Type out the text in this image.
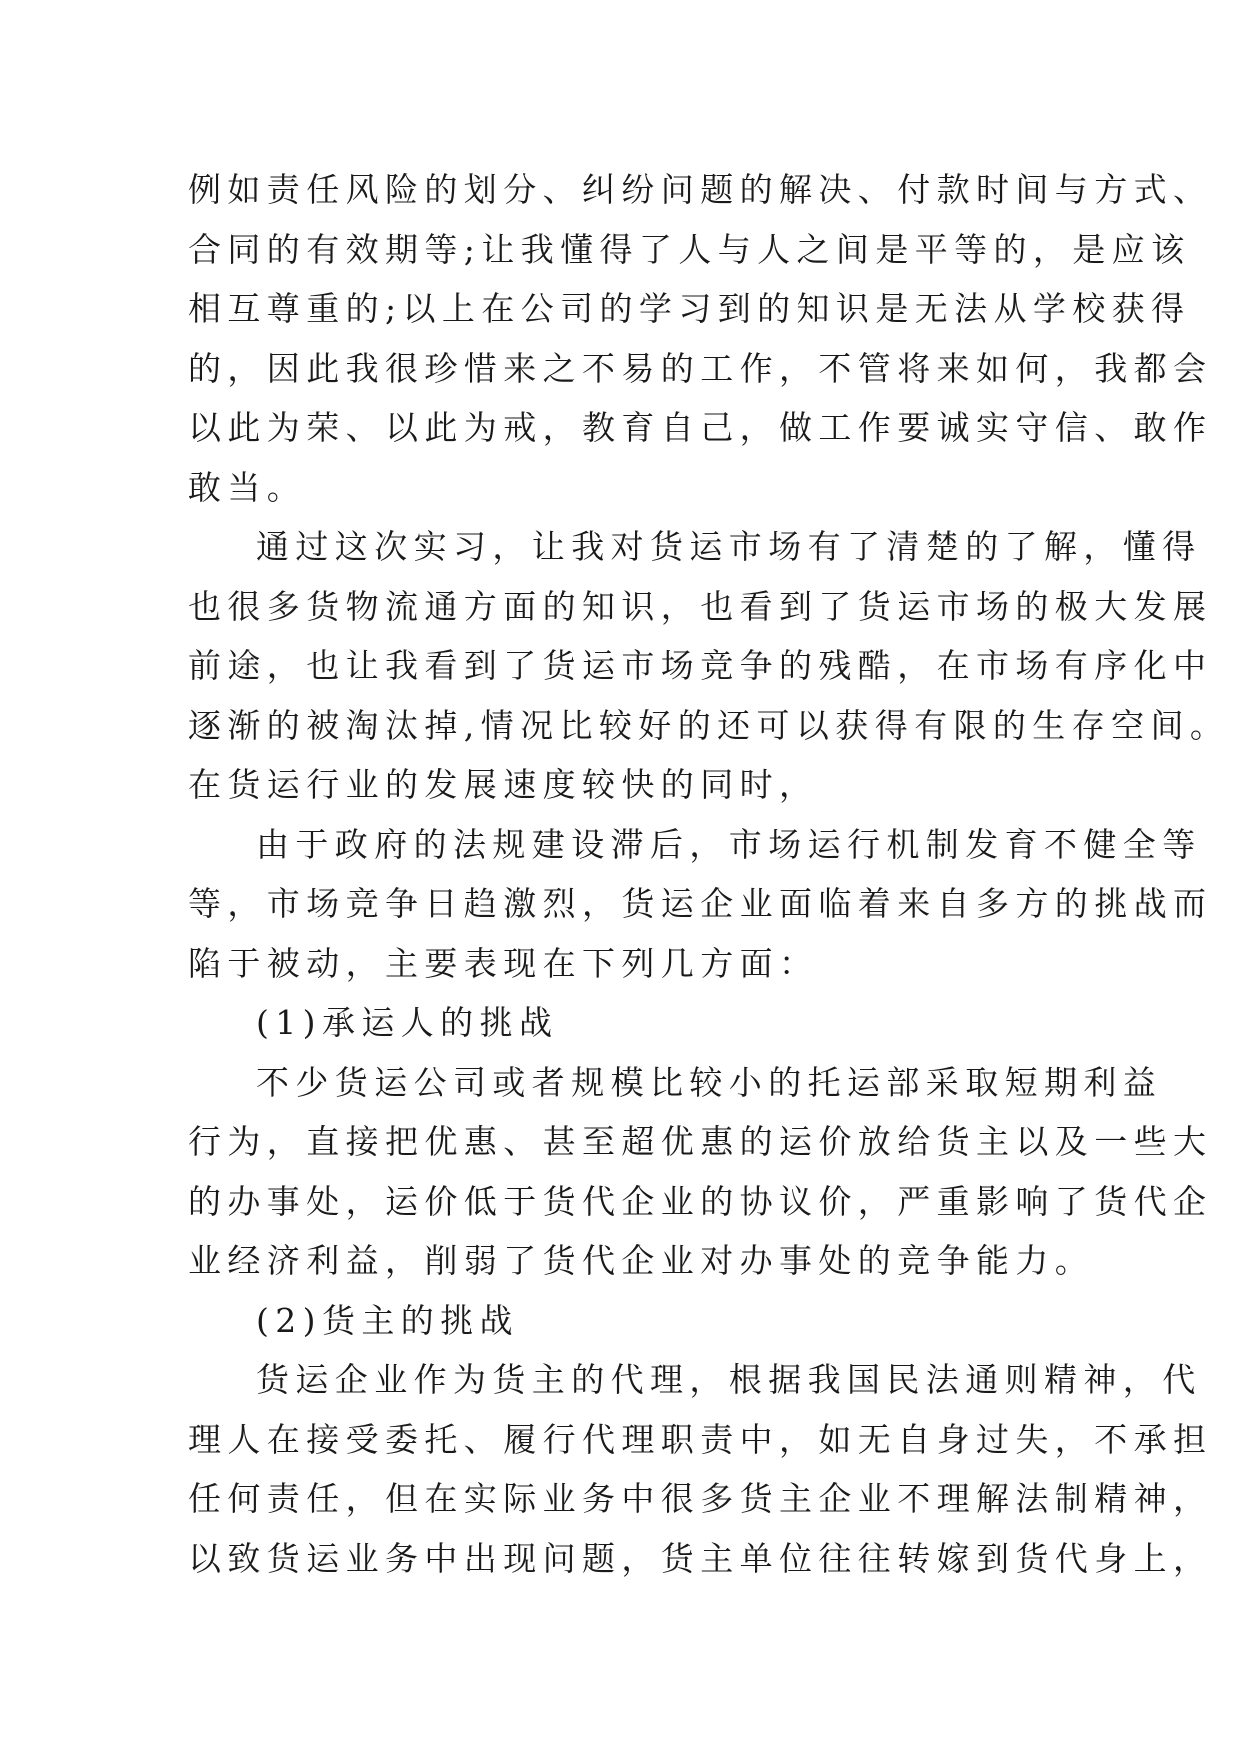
例如责任风险的划分、纠纷问题的解决、付款时间与方式、
合同的有效期等;让我懂得了人与人之间是平等的，是应该
相互尊重的;以上在公司的学习到的知识是无法从学校获得
的，因此我很珍惜来之不易的工作，不管将来如何，我都会
以此为荣、以此为戒，教育自己，做工作要诚实守信、敢作
敢当。
通过这次实习，让我对货运市场有了清楚的了解，懂得
也很多货物流通方面的知识，也看到了货运市场的极大发展
前途，也让我看到了货运市场竞争的残酷，在市场有序化中
逐渐的被淘汰掉,情况比较好的还可以获得有限的生存空间。
在货运行业的发展速度较快的同时，
由于政府的法规建设滞后，市场运行机制发育不健全等
等，市场竞争日趋激烈，货运企业面临着来自多方的挑战而
陷于被动，主要表现在下列几方面：
(1)承运人的挑战
不少货运公司或者规模比较小的托运部采取短期利益
行为，直接把优惠、甚至超优惠的运价放给货主以及一些大
的办事处，运价低于货代企业的协议价，严重影响了货代企
业经济利益，削弱了货代企业对办事处的竞争能力。
(2)货主的挑战
货运企业作为货主的代理，根据我国民法通则精神，代
理人在接受委托、履行代理职责中，如无自身过失，不承担
任何责任，但在实际业务中很多货主企业不理解法制精神，
以致货运业务中出现问题，货主单位往往转嫁到货代身上，
